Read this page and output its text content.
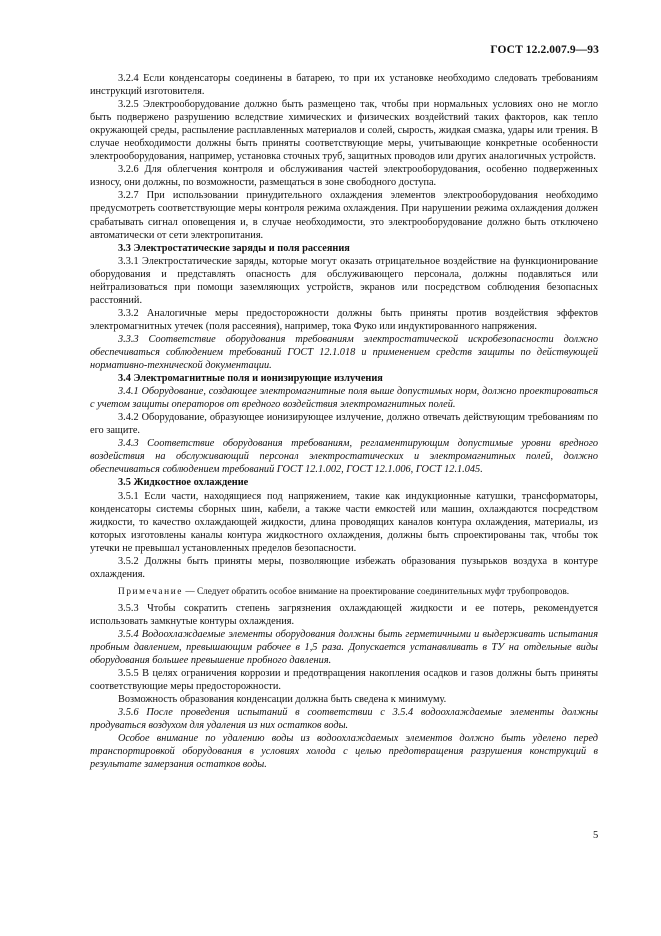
ГОСТ 12.2.007.9—93

3.2.4 Если конденсаторы соединены в батарею, то при их установке необходимо следовать требованиям инструкций изготовителя.

3.2.5 Электрооборудование должно быть размещено так, чтобы при нормальных условиях оно не могло быть подвержено разрушению вследствие химических и физических воздействий таких факторов, как тепло окружающей среды, распыление расплавленных материалов и солей, сырость, жидкая смазка, удары или трения. В случае необходимости должны быть приняты соответствующие меры, учитывающие конкретные особенности электрооборудования, например, установка сточных труб, защитных проводов или других аналогичных устройств.

3.2.6 Для облегчения контроля и обслуживания частей электрооборудования, особенно подверженных износу, они должны, по возможности, размещаться в зоне свободного доступа.

3.2.7 При использовании принудительного охлаждения элементов электрооборудования необходимо предусмотреть соответствующие меры контроля режима охлаждения. При нарушении режима охлаждения должен срабатывать сигнал оповещения и, в случае необходимости, это электрооборудование должно быть отключено автоматически от сети электропитания.

3.3 Электростатические заряды и поля рассеяния

3.3.1 Электростатические заряды, которые могут оказать отрицательное воздействие на функционирование оборудования и представлять опасность для обслуживающего персонала, должны подавляться или нейтрализоваться при помощи заземляющих устройств, экранов или посредством соблюдения безопасных расстояний.

3.3.2 Аналогичные меры предосторожности должны быть приняты против воздействия эффектов электромагнитных утечек (поля рассеяния), например, тока Фуко или индуктированного напряжения.

3.3.3 Соответствие оборудования требованиям электростатической искробезопасности должно обеспечиваться соблюдением требований ГОСТ 12.1.018 и применением средств защиты по действующей нормативно-технической документации.

3.4 Электромагнитные поля и ионизирующие излучения

3.4.1 Оборудование, создающее электромагнитные поля выше допустимых норм, должно проектироваться с учетом защиты операторов от вредного воздействия электромагнитных полей.

3.4.2 Оборудование, образующее ионизирующее излучение, должно отвечать действующим требованиям по его защите.

3.4.3 Соответствие оборудования требованиям, регламентирующим допустимые уровни вредного воздействия на обслуживающий персонал электростатических и электромагнитных полей, должно обеспечиваться соблюдением требований ГОСТ 12.1.002, ГОСТ 12.1.006, ГОСТ 12.1.045.

3.5 Жидкостное охлаждение

3.5.1 Если части, находящиеся под напряжением, такие как индукционные катушки, трансформаторы, конденсаторы системы сборных шин, кабели, а также части емкостей или машин, охлаждаются посредством жидкости, то качество охлаждающей жидкости, длина проводящих каналов контура охлаждения, материалы, из которых изготовлены каналы контура жидкостного охлаждения, должны быть спроектированы так, чтобы ток утечки не превышал установленных пределов безопасности.

3.5.2 Должны быть приняты меры, позволяющие избежать образования пузырьков воздуха в контуре охлаждения.

Примечание — Следует обратить особое внимание на проектирование соединительных муфт трубопроводов.

3.5.3 Чтобы сократить степень загрязнения охлаждающей жидкости и ее потерь, рекомендуется использовать замкнутые контуры охлаждения.

3.5.4 Водоохлаждаемые элементы оборудования должны быть герметичными и выдерживать испытания пробным давлением, превышающим рабочее в 1,5 раза. Допускается устанавливать в ТУ на отдельные виды оборудования большее превышение пробного давления.

3.5.5 В целях ограничения коррозии и предотвращения накопления осадков и газов должны быть приняты соответствующие меры предосторожности.

Возможность образования конденсации должна быть сведена к минимуму.

3.5.6 После проведения испытаний в соответствии с 3.5.4 водоохлаждаемые элементы должны продуваться воздухом для удаления из них остатков воды.

Особое внимание по удалению воды из водоохлаждаемых элементов должно быть уделено перед транспортировкой оборудования в условиях холода с целью предотвращения разрушения конструкций в результате замерзания остатков воды.

5
